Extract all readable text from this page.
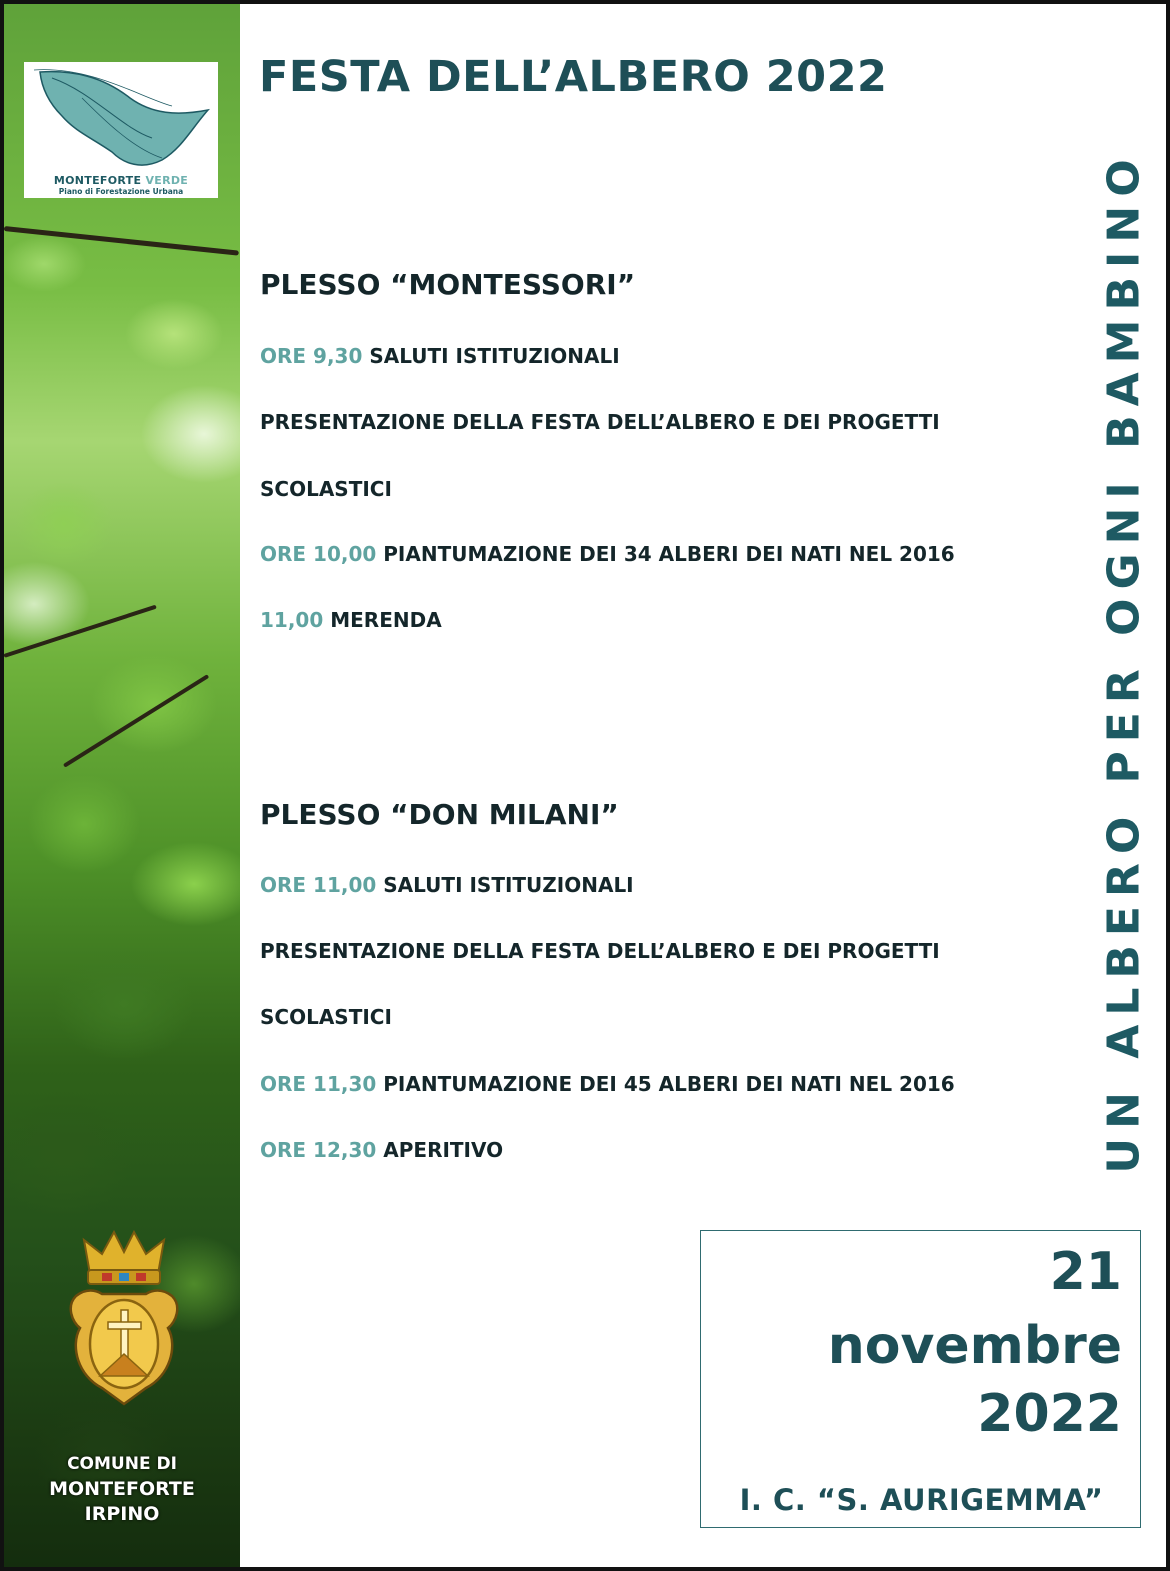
MONTEFORTE VERDE
Piano di Forestazione Urbana
COMUNE DI
MONTEFORTE
IRPINO
FESTA DELL’ALBERO 2022
PLESSO “MONTESSORI”
ORE 9,30 SALUTI ISTITUZIONALI
PRESENTAZIONE DELLA FESTA DELL’ALBERO E DEI PROGETTI
SCOLASTICI
ORE 10,00 PIANTUMAZIONE DEI 34 ALBERI DEI NATI NEL 2016
11,00 MERENDA
PLESSO “DON MILANI”
ORE 11,00 SALUTI ISTITUZIONALI
PRESENTAZIONE DELLA FESTA DELL’ALBERO E DEI PROGETTI
SCOLASTICI
ORE 11,30 PIANTUMAZIONE DEI 45 ALBERI DEI NATI NEL 2016
ORE 12,30 APERITIVO	UN ALBERO PER OGNI BAMBINO
21
novembre
2022
I. C. “S. AURIGEMMA”
